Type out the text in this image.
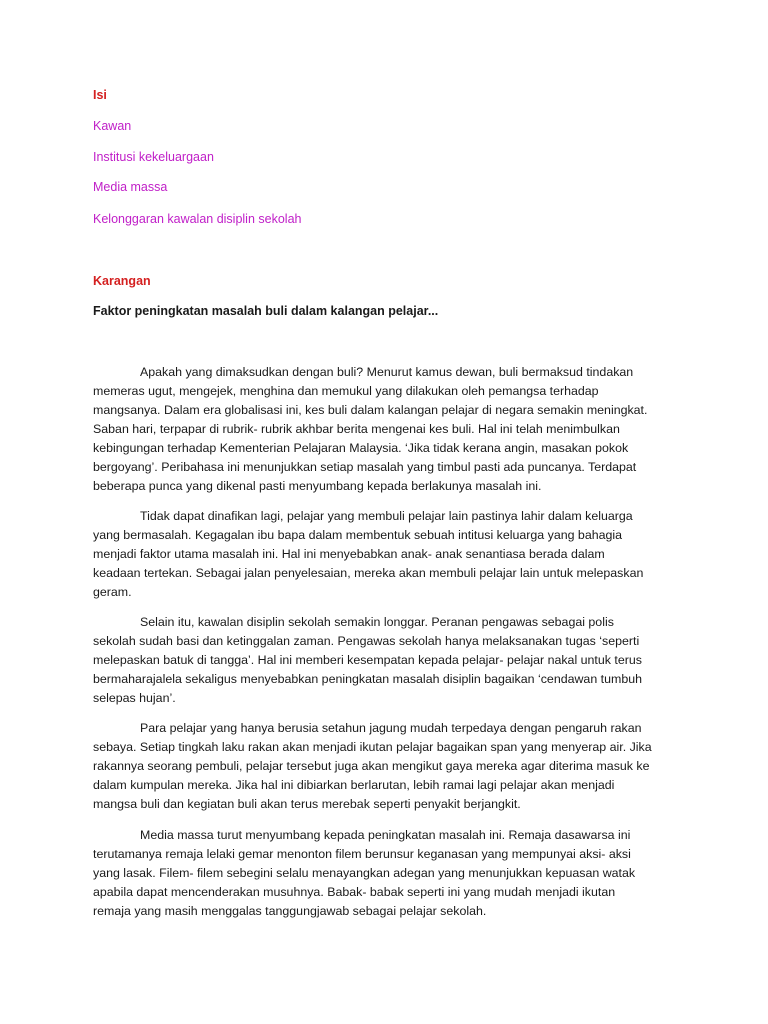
Isi
Kawan
Institusi kekeluargaan
Media massa
Kelonggaran kawalan disiplin sekolah
Karangan
Faktor peningkatan masalah buli dalam kalangan pelajar...
Apakah yang dimaksudkan dengan buli? Menurut kamus dewan, buli bermaksud tindakan
memeras ugut, mengejek, menghina dan memukul yang dilakukan oleh pemangsa terhadap
mangsanya. Dalam era globalisasi ini, kes buli dalam kalangan pelajar di negara semakin meningkat.
Saban hari, terpapar di rubrik- rubrik akhbar berita mengenai kes buli. Hal ini telah menimbulkan
kebingungan terhadap Kementerian Pelajaran Malaysia. ‘Jika tidak kerana angin, masakan pokok
bergoyang’. Peribahasa ini menunjukkan setiap masalah yang timbul pasti ada puncanya. Terdapat
beberapa punca yang dikenal pasti menyumbang kepada berlakunya masalah ini.
Tidak dapat dinafikan lagi, pelajar yang membuli pelajar lain pastinya lahir dalam keluarga
yang bermasalah. Kegagalan ibu bapa dalam membentuk sebuah intitusi keluarga yang bahagia
menjadi faktor utama masalah ini. Hal ini menyebabkan anak- anak senantiasa berada dalam
keadaan tertekan. Sebagai jalan penyelesaian, mereka akan membuli pelajar lain untuk melepaskan
geram.
Selain itu, kawalan disiplin sekolah semakin longgar. Peranan pengawas sebagai polis
sekolah sudah basi dan ketinggalan zaman. Pengawas sekolah hanya melaksanakan tugas ‘seperti
melepaskan batuk di tangga’. Hal ini memberi kesempatan kepada pelajar- pelajar nakal untuk terus
bermaharajalela sekaligus menyebabkan peningkatan masalah disiplin bagaikan ‘cendawan tumbuh
selepas hujan’.
Para pelajar yang hanya berusia setahun jagung mudah terpedaya dengan pengaruh rakan
sebaya. Setiap tingkah laku rakan akan menjadi ikutan pelajar bagaikan span yang menyerap air. Jika
rakannya seorang pembuli, pelajar tersebut juga akan mengikut gaya mereka agar diterima masuk ke
dalam kumpulan mereka. Jika hal ini dibiarkan berlarutan, lebih ramai lagi pelajar akan menjadi
mangsa buli dan kegiatan buli akan terus merebak seperti penyakit berjangkit.
Media massa turut menyumbang kepada peningkatan masalah ini. Remaja dasawarsa ini
terutamanya remaja lelaki gemar menonton filem berunsur keganasan yang mempunyai aksi- aksi
yang lasak. Filem- filem sebegini selalu menayangkan adegan yang menunjukkan kepuasan watak
apabila dapat mencenderakan musuhnya. Babak- babak seperti ini yang mudah menjadi ikutan
remaja yang masih menggalas tanggungjawab sebagai pelajar sekolah.
